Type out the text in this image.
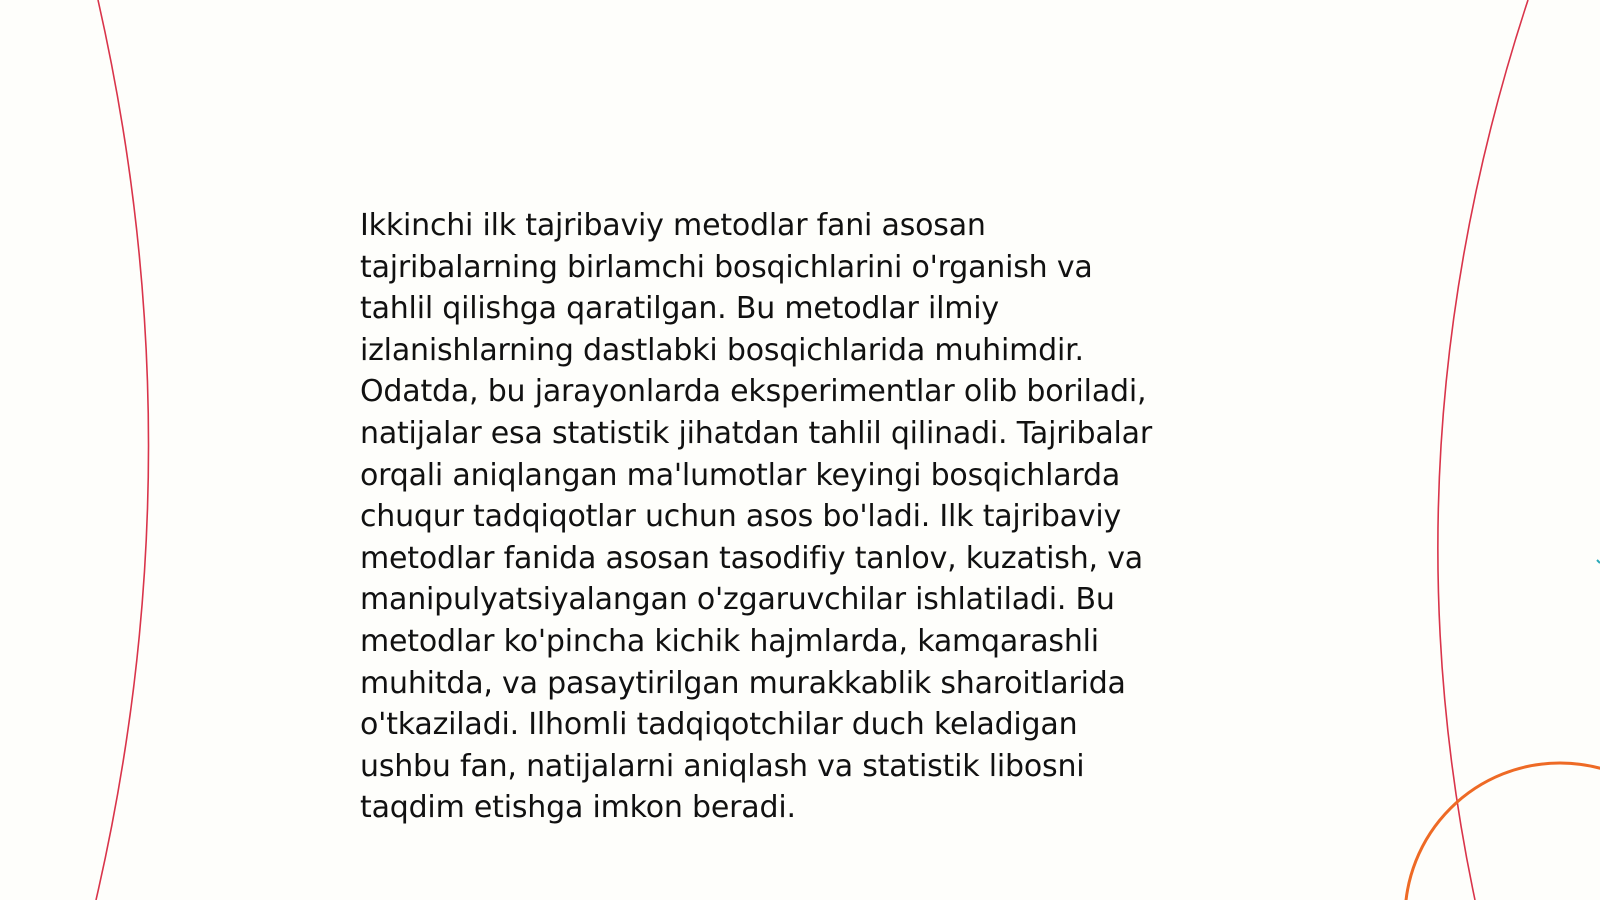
Ikkinchi ilk tajribaviy metodlar fani asosan
tajribalarning birlamchi bosqichlarini o'rganish va
tahlil qilishga qaratilgan. Bu metodlar ilmiy
izlanishlarning dastlabki bosqichlarida muhimdir.
Odatda, bu jarayonlarda eksperimentlar olib boriladi,
natijalar esa statistik jihatdan tahlil qilinadi. Tajribalar
orqali aniqlangan ma'lumotlar keyingi bosqichlarda
chuqur tadqiqotlar uchun asos bo'ladi. Ilk tajribaviy
metodlar fanida asosan tasodifiy tanlov, kuzatish, va
manipulyatsiyalangan o'zgaruvchilar ishlatiladi. Bu
metodlar ko'pincha kichik hajmlarda, kamqarashli
muhitda, va pasaytirilgan murakkablik sharoitlarida
o'tkaziladi. Ilhomli tadqiqotchilar duch keladigan
ushbu fan, natijalarni aniqlash va statistik libosni
taqdim etishga imkon beradi.
